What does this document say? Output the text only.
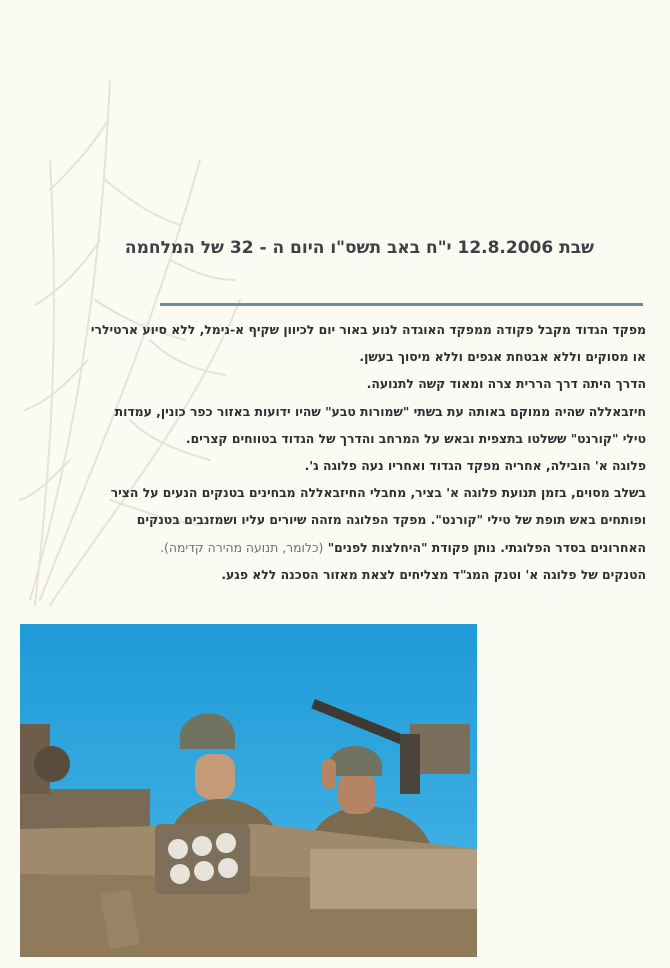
שבת 12.8.2006 י"ח באב תשס"ו היום ה - 32 של המלחמה

מפקד הגדוד מקבל פקודה ממפקד האוגדה לנוע באור יום לכיוון שקיף א-נימל, ללא סיוע ארטילרי

או מסוקים וללא אבטחת אגפים וללא מיסוך בעשן.

הדרך היתה דרך הררית צרה ומאוד קשה לתנועה.

חיזבאללה שהיה ממוקם באותה עת בשתי "שמורות טבע" שהיו ידועות באזור כפר כונין, עמדות

טילי "קורנט" ששלטו בתצפית ובאש על המרחב והדרך של הגדוד בטווחים קצרים.

פלוגה א' הובילה, אחריה מפקד הגדוד ואחריו נעה פלוגה ג'.

בשלב מסוים, בזמן תנועת פלוגה א' בציר, מחבלי החיזבאללה מבחינים בטנקים הנעים על הציר

ופותחים באש תופת של טילי "קורנט". מפקד הפלוגה מזהה שיורים עליו ושמזנבים בטנקים

האחרונים בסדר הפלוגתי. נותן פקודת "היחלצות לפנים" (כלומר, תנועה מהירה קדימה).

הטנקים של פלוגה א' וטנק המג"ד מצליחים לצאת מאזור הסכנה ללא פגע.
